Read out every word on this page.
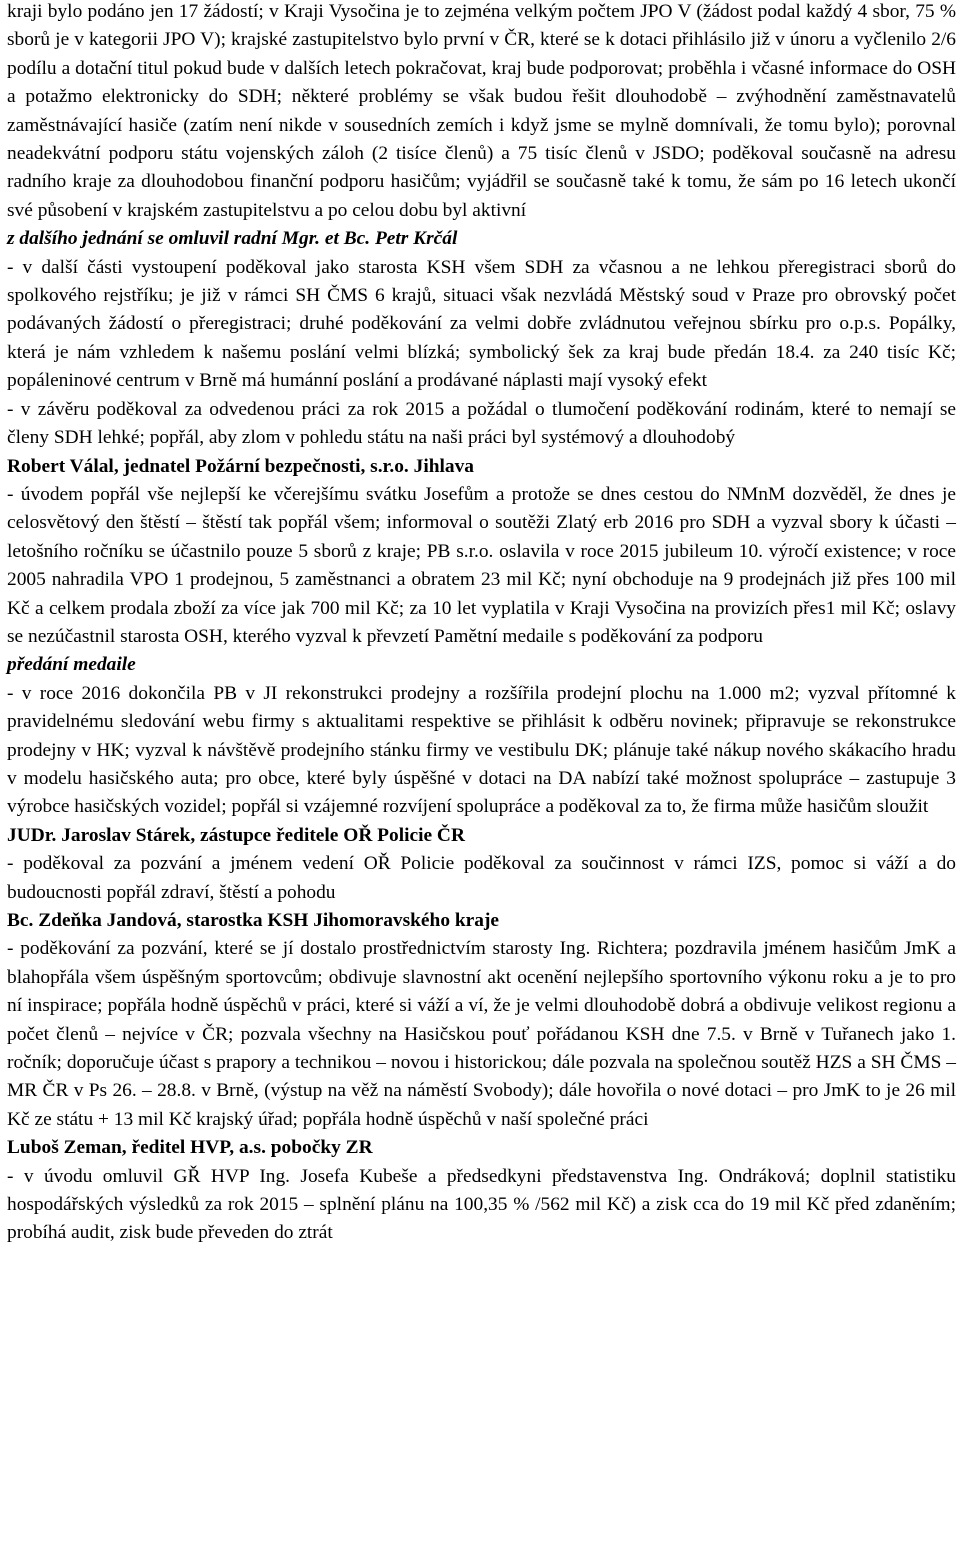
kraji bylo podáno jen 17 žádostí; v Kraji Vysočina je to zejména velkým počtem JPO V (žádost podal každý 4 sbor, 75 % sborů je v kategorii JPO V); krajské zastupitelstvo bylo první v ČR, které se k dotaci přihlásilo již v únoru a vyčlenilo 2/6 podílu a dotační titul pokud bude v dalších letech pokračovat, kraj bude podporovat; proběhla i včasné informace do OSH a potažmo elektronicky do SDH; některé problémy se však budou řešit dlouhodobě – zvýhodnění zaměstnavatelů zaměstnávající hasiče (zatím není nikde v sousedních zemích i když jsme se mylně domnívali, že tomu bylo); porovnal neadekvátní podporu státu vojenských záloh (2 tisíce členů) a 75 tisíc členů v JSDO; poděkoval současně na adresu radního kraje za dlouhodobou finanční podporu hasičům; vyjádřil se současně také k tomu, že sám po 16 letech ukončí své působení v krajském zastupitelstvu a po celou dobu byl aktivní

z dalšího jednání se omluvil radní Mgr. et Bc. Petr Krčál

- v další části vystoupení poděkoval jako starosta KSH všem SDH za včasnou a ne lehkou přeregistraci sborů do spolkového rejstříku; je již v rámci SH ČMS 6 krajů, situaci však nezvládá Městský soud v Praze pro obrovský počet podávaných žádostí o přeregistraci; druhé poděkování za velmi dobře zvládnutou veřejnou sbírku pro o.p.s. Popálky, která je nám vzhledem k našemu poslání velmi blízká; symbolický šek za kraj bude předán 18.4. za 240 tisíc Kč; popáleninové centrum v Brně má humánní poslání a prodávané náplasti mají vysoký efekt

- v závěru poděkoval za odvedenou práci za rok 2015 a požádal o tlumočení poděkování rodinám, které to nemají se členy SDH lehké; popřál, aby zlom v pohledu státu na naši práci byl systémový a dlouhodobý

Robert Válal, jednatel Požární bezpečnosti, s.r.o. Jihlava

- úvodem popřál vše nejlepší ke včerejšímu svátku Josefům a protože se dnes cestou do NMnM dozvěděl, že dnes je celosvětový den štěstí – štěstí tak popřál všem; informoval o soutěži Zlatý erb 2016 pro SDH a vyzval sbory k účasti – letošního ročníku se účastnilo pouze 5 sborů z kraje; PB s.r.o. oslavila v roce 2015 jubileum 10. výročí existence; v roce 2005 nahradila VPO 1 prodejnou, 5 zaměstnanci a obratem 23 mil Kč; nyní obchoduje na 9 prodejnách již přes 100 mil Kč a celkem prodala zboží za více jak 700 mil Kč; za 10 let vyplatila v Kraji Vysočina na provizích přes1 mil Kč; oslavy se nezúčastnil starosta OSH, kterého vyzval k převzetí Pamětní medaile s poděkování za podporu

předání medaile

- v roce 2016 dokončila PB v JI rekonstrukci prodejny a rozšířila prodejní plochu na 1.000 m2; vyzval přítomné k pravidelnému sledování webu firmy s aktualitami respektive se přihlásit k odběru novinek; připravuje se rekonstrukce prodejny v HK; vyzval k návštěvě prodejního stánku firmy ve vestibulu DK; plánuje také nákup nového skákacího hradu v modelu hasičského auta; pro obce, které byly úspěšné v dotaci na DA nabízí také možnost spolupráce – zastupuje 3 výrobce hasičských vozidel; popřál si vzájemné rozvíjení spolupráce a poděkoval za to, že firma může hasičům sloužit

JUDr. Jaroslav Stárek, zástupce ředitele OŘ Policie ČR

- poděkoval za pozvání a jménem vedení OŘ Policie poděkoval za součinnost v rámci IZS, pomoc si váží a do budoucnosti popřál zdraví, štěstí a pohodu

Bc. Zdeňka Jandová, starostka KSH Jihomoravského kraje

- poděkování za pozvání, které se jí dostalo prostřednictvím starosty Ing. Richtera; pozdravila jménem hasičům JmK a blahopřála všem úspěšným sportovcům; obdivuje slavnostní akt ocenění nejlepšího sportovního výkonu roku a je to pro ní inspirace; popřála hodně úspěchů v práci, které si váží a ví, že je velmi dlouhodobě dobrá a obdivuje velikost regionu a počet členů – nejvíce v ČR; pozvala všechny na Hasičskou pouť pořádanou KSH dne 7.5. v Brně v Tuřanech jako 1. ročník; doporučuje účast s prapory a technikou – novou i historickou; dále pozvala na společnou soutěž HZS a SH ČMS – MR ČR v Ps 26. – 28.8. v Brně, (výstup na věž na náměstí Svobody); dále hovořila o nové dotaci – pro JmK to je 26 mil Kč ze státu + 13 mil Kč krajský úřad; popřála hodně úspěchů v naší společné práci

Luboš Zeman, ředitel HVP, a.s. pobočky ZR

- v úvodu omluvil GŘ HVP Ing. Josefa Kubeše a předsedkyni představenstva Ing. Ondráková; doplnil statistiku hospodářských výsledků za rok 2015 – splnění plánu na 100,35 % /562 mil Kč) a zisk cca do 19 mil Kč před zdaněním; probíhá audit, zisk bude převeden do ztrát
